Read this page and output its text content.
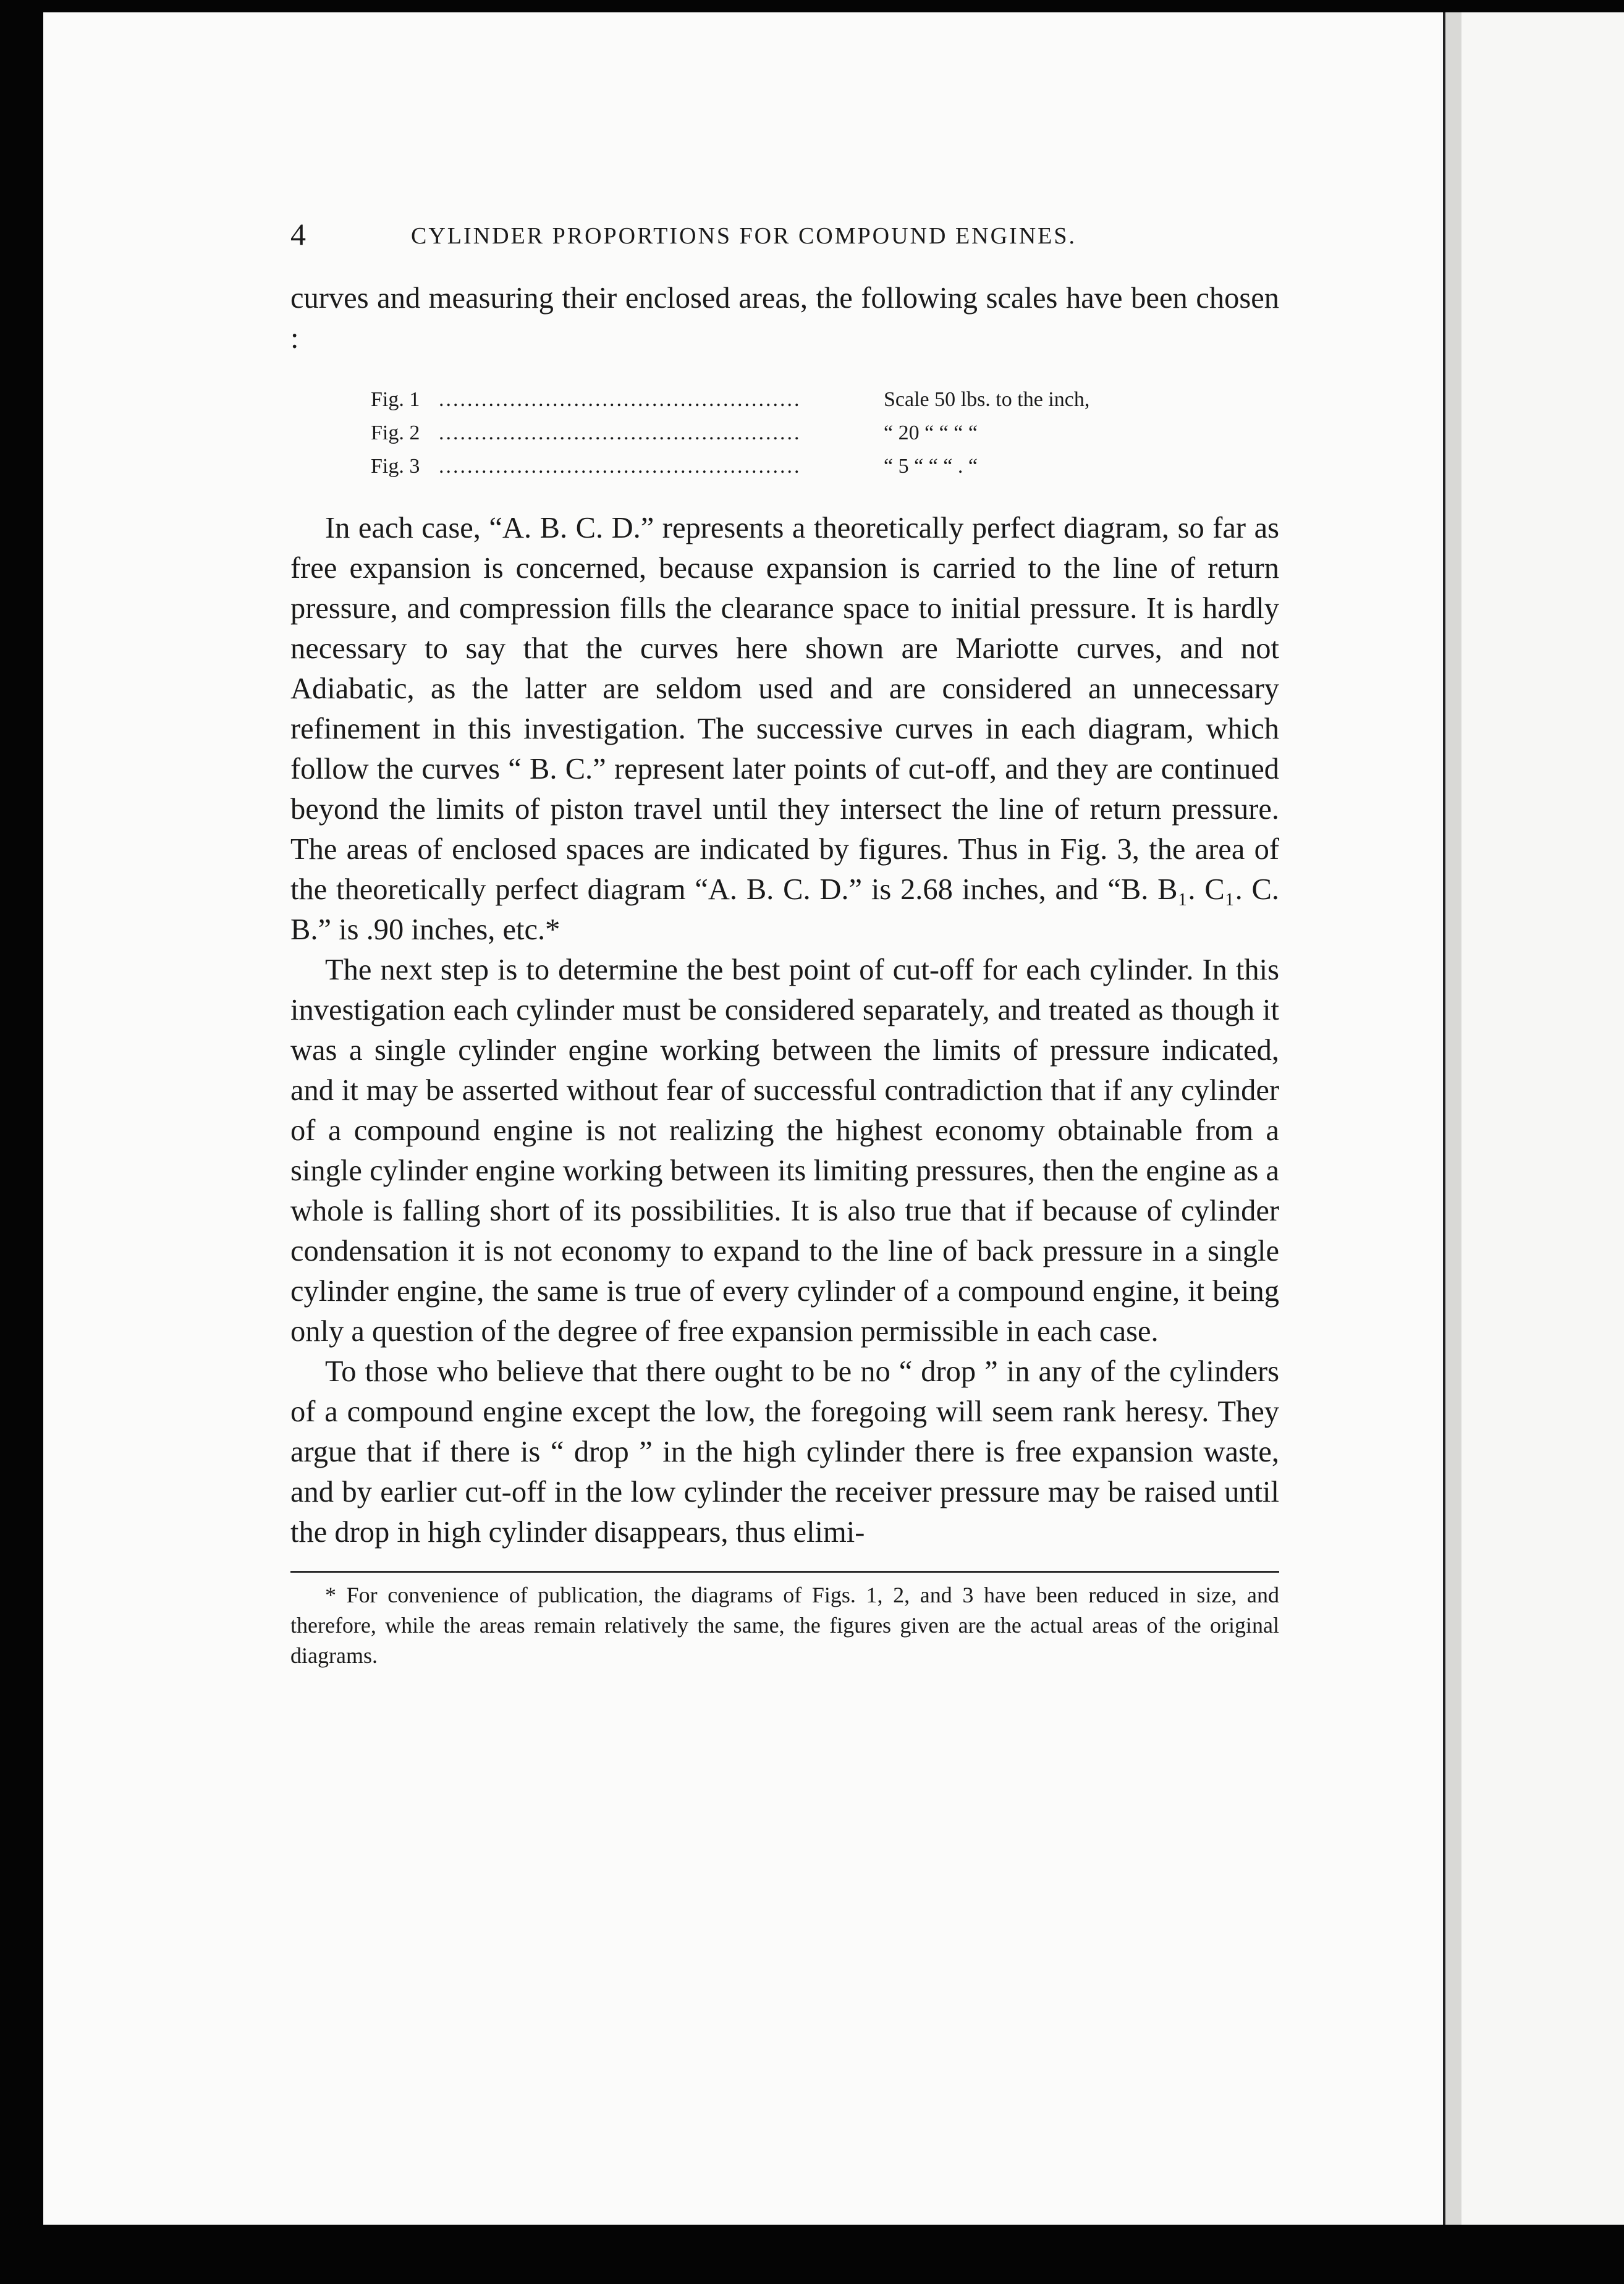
4	CYLINDER PROPORTIONS FOR COMPOUND ENGINES.

curves and measuring their enclosed areas, the following scales have been chosen :

Fig. 1 ...................................................	Scale 50 lbs. to the inch,
Fig. 2 ...................................................	“ 20 “ “ “ “
Fig. 3 ...................................................	“ 5 “ “ “ . “

In each case, “A. B. C. D.” represents a theoretically perfect diagram, so far as free expansion is concerned, because expansion is carried to the line of return pressure, and compression fills the clearance space to initial pressure. It is hardly necessary to say that the curves here shown are Mariotte curves, and not Adiabatic, as the latter are seldom used and are considered an unnecessary refinement in this investigation. The successive curves in each diagram, which follow the curves “ B. C.” represent later points of cut-off, and they are continued beyond the limits of piston travel until they intersect the line of return pressure. The areas of enclosed spaces are indicated by figures. Thus in Fig. 3, the area of the theoretically perfect diagram “A. B. C. D.” is 2.68 inches, and “B. B₁. C₁. C. B.” is .90 inches, etc.*

The next step is to determine the best point of cut-off for each cylinder. In this investigation each cylinder must be considered separately, and treated as though it was a single cylinder engine working between the limits of pressure indicated, and it may be asserted without fear of successful contradiction that if any cylinder of a compound engine is not realizing the highest economy obtainable from a single cylinder engine working between its limiting pressures, then the engine as a whole is falling short of its possibilities. It is also true that if because of cylinder condensation it is not economy to expand to the line of back pressure in a single cylinder engine, the same is true of every cylinder of a compound engine, it being only a question of the degree of free expansion permissible in each case.

To those who believe that there ought to be no “ drop ” in any of the cylinders of a compound engine except the low, the foregoing will seem rank heresy. They argue that if there is “ drop ” in the high cylinder there is free expansion waste, and by earlier cut-off in the low cylinder the receiver pressure may be raised until the drop in high cylinder disappears, thus elimi-

* For convenience of publication, the diagrams of Figs. 1, 2, and 3 have been reduced in size, and therefore, while the areas remain relatively the same, the figures given are the actual areas of the original diagrams.
